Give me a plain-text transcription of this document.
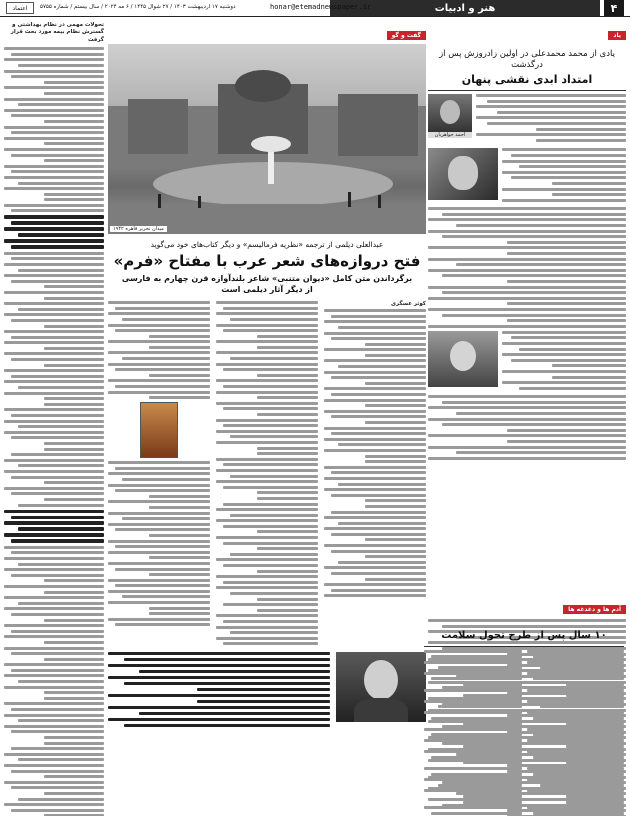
۴
هنر و ادبیات
honar@etemadnewspaper.ir
دوشنبه ۱۷ اردیبهشت ۱۴۰۳ / ۲۷ شوال ۱۴۴۵ / ۶ مه ۲۰۲۴ / سال بیستم / شماره ۵۷۵۵
اعتماد
یاد
یادی از محمد محمدعلی در اولین زادروزش پس از درگذشت
امتداد ابدی نقشی پنهان
احمد جواهریان
آدم ها و دغدغه ها
گفت و گو
میدان تحریر قاهره ۱۹۴۲
عبدالعلی دیلمی از ترجمه «نظریه فرمالیسم» و دیگر کتاب‌های خود می‌گوید
فتح دروازه‌های شعر عرب با مفتاح «فرم»
برگرداندن متن کامل «دیوان متنبی» شاعر بلندآوازه قرن چهارم به فارسی
از دیگر آثار دیلمی است
کوثر عسگری
۱۰ سال پس از طرح تحول سلامت
تحولات مهمی در نظام بهداشتی و گسترش نظام بیمه مورد بحث قرار گرفت
